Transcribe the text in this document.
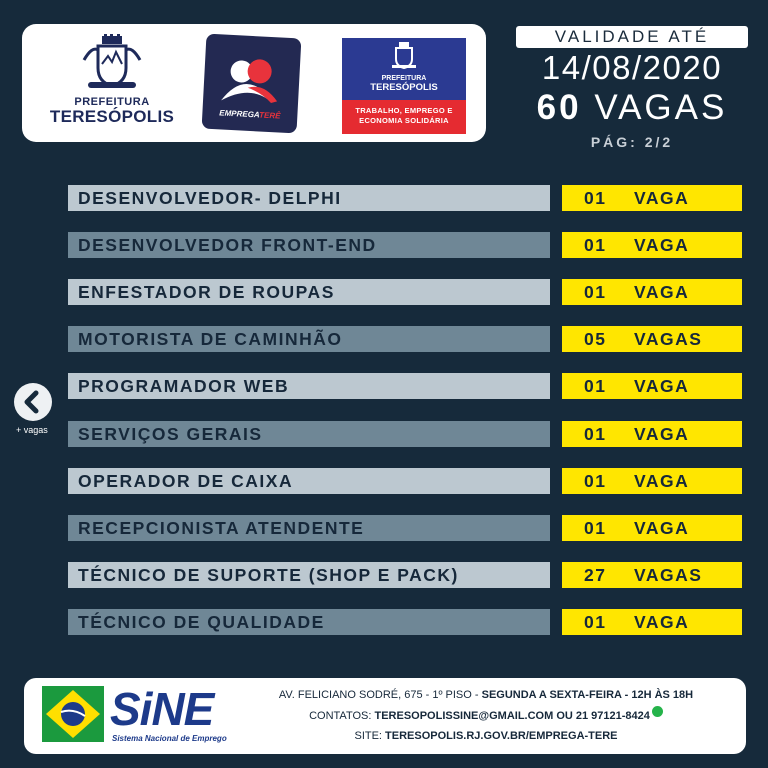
PREFEITURA
TERESÓPOLIS	EMPREGATERÊ
PREFEITURA
TERESÓPOLIS
TRABALHO, EMPREGO E
ECONOMIA SOLIDÁRIA
VALIDADE ATÉ
14/08/2020
60 VAGAS
PÁG: 2/2
DESENVOLVEDOR- DELPHI	01 VAGA
DESENVOLVEDOR FRONT-END	01 VAGA
ENFESTADOR DE ROUPAS	01 VAGA
MOTORISTA DE CAMINHÃO	05 VAGAS
PROGRAMADOR WEB	01 VAGA
SERVIÇOS GERAIS	01 VAGA
OPERADOR DE CAIXA	01 VAGA
RECEPCIONISTA ATENDENTE	01 VAGA
TÉCNICO DE SUPORTE (SHOP E PACK)	27 VAGAS
TÉCNICO DE QUALIDADE	01 VAGA
+ vagas
SiNE
Sistema Nacional de Emprego
AV. FELICIANO SODRÉ, 675 - 1º PISO - SEGUNDA A SEXTA-FEIRA - 12H ÀS 18H
CONTATOS: TERESOPOLISSINE@GMAIL.COM OU 21 97121-8424
SITE: TERESOPOLIS.RJ.GOV.BR/EMPREGA-TERE
